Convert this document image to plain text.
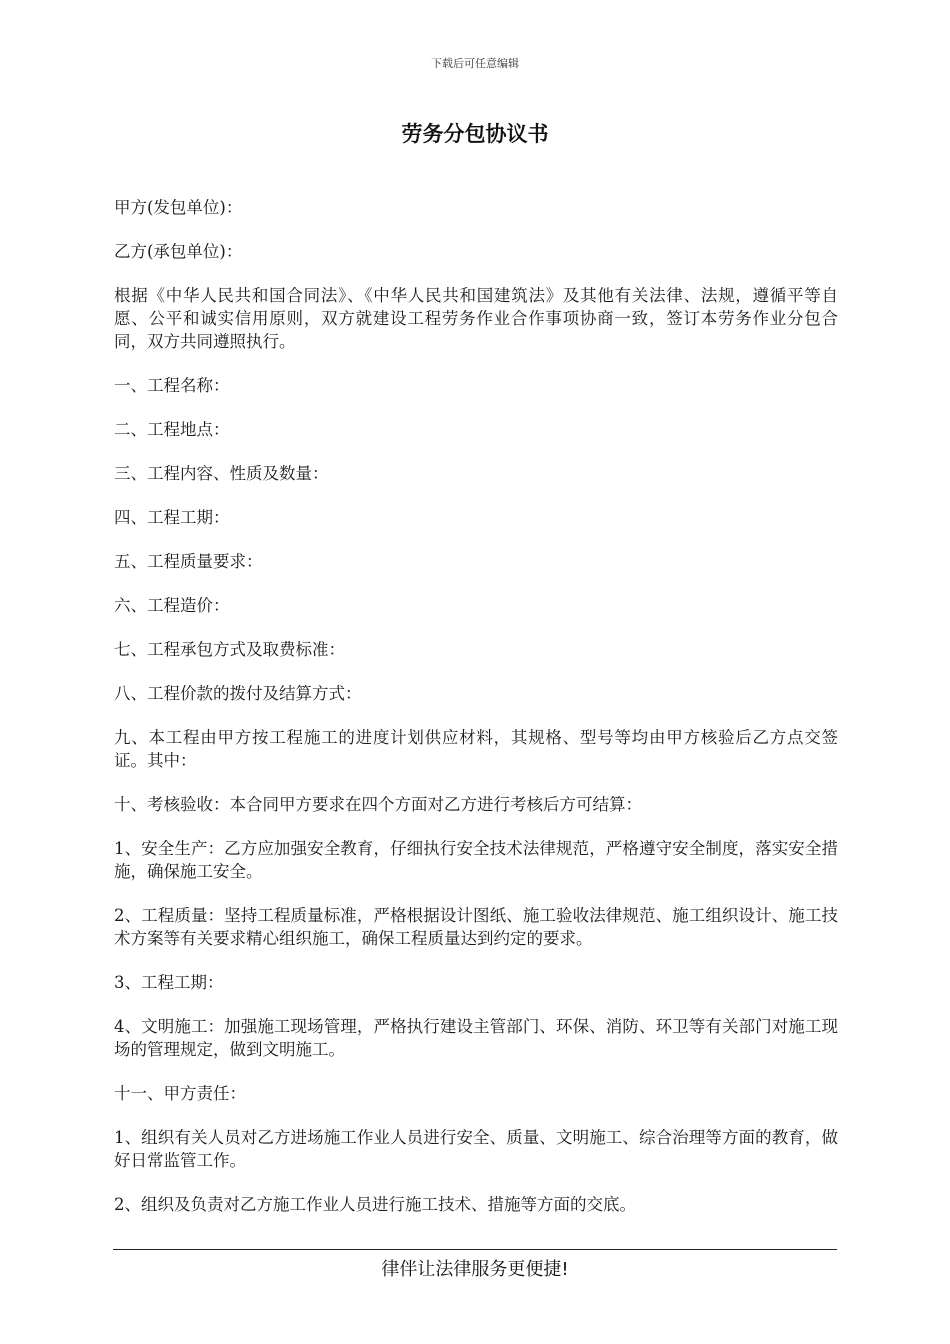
下载后可任意编辑
劳务分包协议书

甲方(发包单位)：

乙方(承包单位)：

根据《中华人民共和国合同法》、《中华人民共和国建筑法》及其他有关法律、法规，遵循平等自愿、公平和诚实信用原则，双方就建设工程劳务作业合作事项协商一致，签订本劳务作业分包合同，双方共同遵照执行。

一、工程名称：

二、工程地点：

三、工程内容、性质及数量：

四、工程工期：

五、工程质量要求：

六、工程造价：

七、工程承包方式及取费标准：

八、工程价款的拨付及结算方式：

九、本工程由甲方按工程施工的进度计划供应材料，其规格、型号等均由甲方核验后乙方点交签证。其中：

十、考核验收：本合同甲方要求在四个方面对乙方进行考核后方可结算：

1、安全生产：乙方应加强安全教育，仔细执行安全技术法律规范，严格遵守安全制度，落实安全措施，确保施工安全。

2、工程质量：坚持工程质量标准，严格根据设计图纸、施工验收法律规范、施工组织设计、施工技术方案等有关要求精心组织施工，确保工程质量达到约定的要求。

3、工程工期：

4、文明施工：加强施工现场管理，严格执行建设主管部门、环保、消防、环卫等有关部门对施工现场的管理规定，做到文明施工。

十一、甲方责任：

1、组织有关人员对乙方进场施工作业人员进行安全、质量、文明施工、综合治理等方面的教育，做好日常监管工作。

2、组织及负责对乙方施工作业人员进行施工技术、措施等方面的交底。

律伴让法律服务更便捷!
